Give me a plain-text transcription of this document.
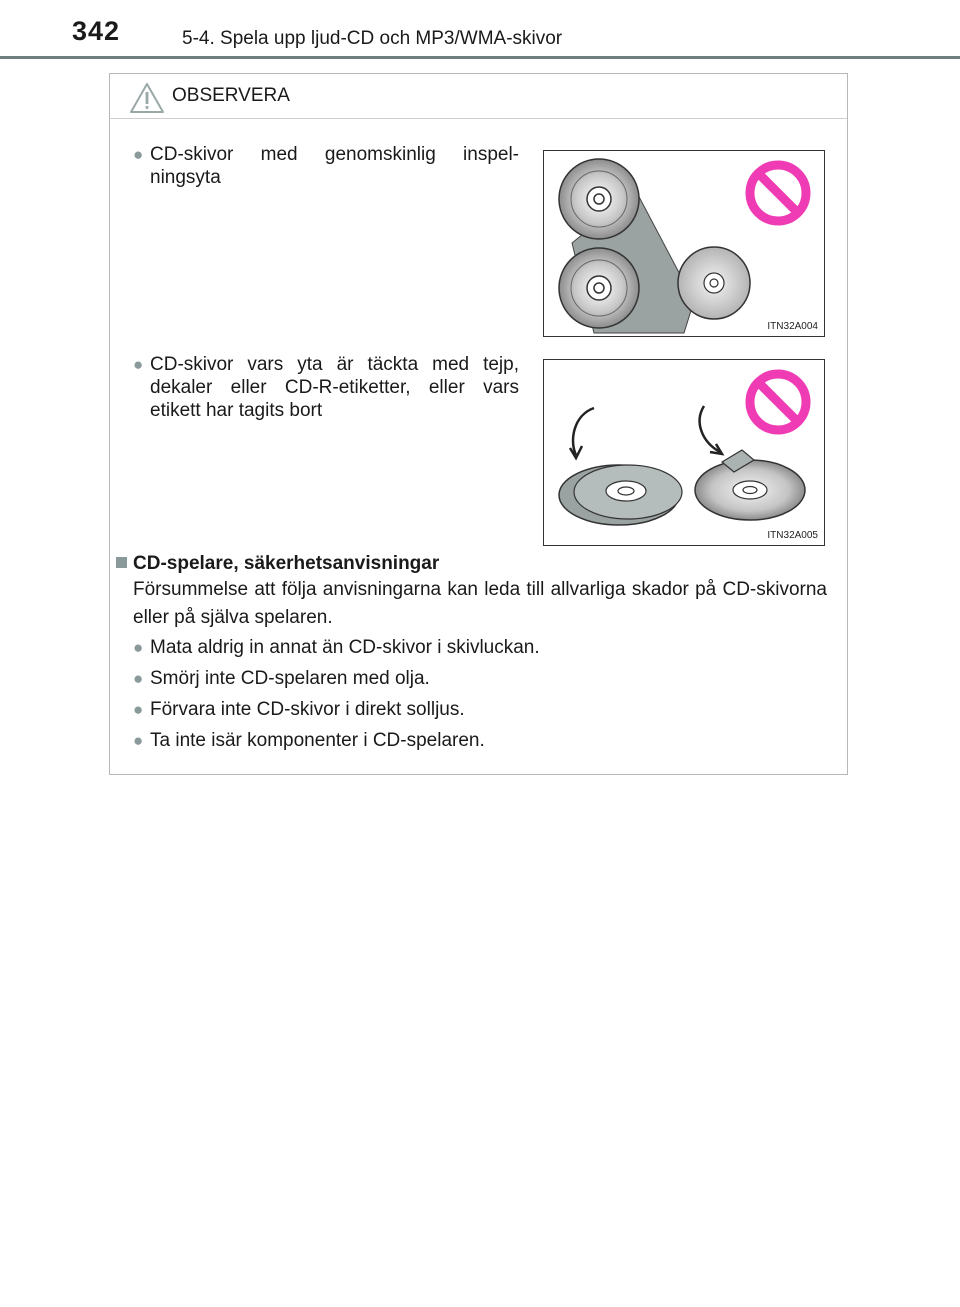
342	5-4. Spela upp ljud-CD och MP3/WMA-skivor
OBSERVERA
● CD-skivor med genomskinlig inspel-ningsyta
ITN32A004
● CD-skivor vars yta är täckta med tejp, dekaler eller CD-R-etiketter, eller vars etikett har tagits bort
ITN32A005
CD-spelare, säkerhetsanvisningar
Försummelse att följa anvisningarna kan leda till allvarliga skador på CD-skivorna eller på själva spelaren.
● Mata aldrig in annat än CD-skivor i skivluckan.
● Smörj inte CD-spelaren med olja.
● Förvara inte CD-skivor i direkt solljus.
● Ta inte isär komponenter i CD-spelaren.
